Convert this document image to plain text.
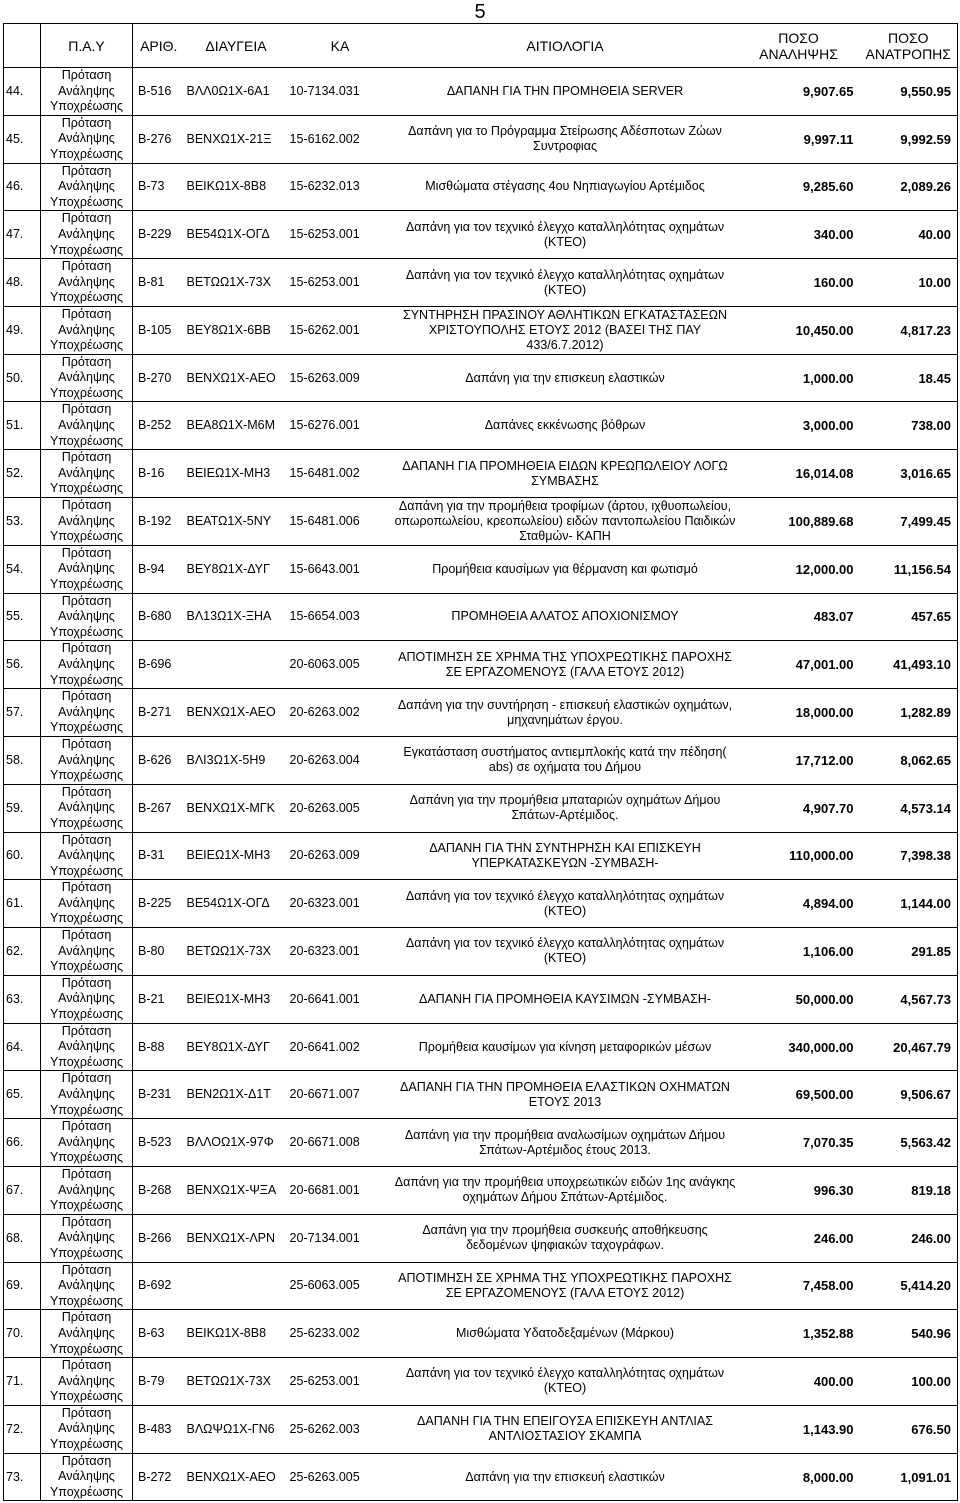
5
	Π.Α.Υ	ΑΡΙΘ.	ΔΙΑΥΓΕΙΑ	ΚΑ	ΑΙΤΙΟΛΟΓΙΑ	ΠΟΣΟ ΑΝΑΛΗΨΗΣ	ΠΟΣΟ ΑΝΑΤΡΟΠΗΣ
44.	Πρόταση
Ανάληψης
Υποχρέωσης	Β-516	ΒΛΛ0Ω1Χ-6Α1	10-7134.031	ΔΑΠΑΝΗ ΓΙΑ ΤΗΝ ΠΡΟΜΗΘΕΙΑ SERVER	9,907.65	9,550.95
45.	Πρόταση
Ανάληψης
Υποχρέωσης	Β-276	ΒΕΝΧΩ1Χ-21Ξ	15-6162.002	Δαπάνη για το Πρόγραμμα Στείρωσης Αδέσποτων Ζώων Συντροφιας	9,997.11	9,992.59
46.	Πρόταση
Ανάληψης
Υποχρέωσης	Β-73	ΒΕΙΚΩ1Χ-8Β8	15-6232.013	Μισθώματα στέγασης 4ου Νηπιαγωγίου Αρτέμιδος	9,285.60	2,089.26
47.	Πρόταση
Ανάληψης
Υποχρέωσης	Β-229	ΒΕ54Ω1Χ-ΟΓΔ	15-6253.001	Δαπάνη για τον τεχνικό έλεγχο καταλληλότητας οχημάτων (ΚΤΕΟ)	340.00	40.00
48.	Πρόταση
Ανάληψης
Υποχρέωσης	Β-81	ΒΕΤΩΩ1Χ-73Χ	15-6253.001	Δαπάνη για τον τεχνικό έλεγχο καταλληλότητας οχημάτων (ΚΤΕΟ)	160.00	10.00
49.	Πρόταση
Ανάληψης
Υποχρέωσης	Β-105	ΒΕΥ8Ω1Χ-6ΒΒ	15-6262.001	ΣΥΝΤΗΡΗΣΗ ΠΡΑΣΙΝΟΥ ΑΘΛΗΤΙΚΩΝ ΕΓΚΑΤΑΣΤΑΣΕΩΝ ΧΡΙΣΤΟΥΠΟΛΗΣ ΕΤΟΥΣ 2012 (ΒΑΣΕΙ ΤΗΣ ΠΑΥ 433/6.7.2012)	10,450.00	4,817.23
50.	Πρόταση
Ανάληψης
Υποχρέωσης	Β-270	ΒΕΝΧΩ1Χ-ΑΕΟ	15-6263.009	Δαπάνη για την επισκευη ελαστικών	1,000.00	18.45
51.	Πρόταση
Ανάληψης
Υποχρέωσης	Β-252	ΒΕΑ8Ω1Χ-Μ6Μ	15-6276.001	Δαπάνες εκκένωσης βόθρων	3,000.00	738.00
52.	Πρόταση
Ανάληψης
Υποχρέωσης	Β-16	ΒΕΙΕΩ1Χ-ΜΗ3	15-6481.002	ΔΑΠΑΝΗ ΓΙΑ ΠΡΟΜΗΘΕΙΑ ΕΙΔΩΝ ΚΡΕΩΠΩΛΕΙΟΥ ΛΟΓΩ ΣΥΜΒΑΣΗΣ	16,014.08	3,016.65
53.	Πρόταση
Ανάληψης
Υποχρέωσης	Β-192	ΒΕΑΤΩ1Χ-5ΝΥ	15-6481.006	Δαπάνη για την προμήθεια τροφίμων (άρτου, ιχθυοπωλείου, οπωροπωλείου, κρεοπωλείου) ειδών παντοπωλείου Παιδικών Σταθμών- ΚΑΠΗ	100,889.68	7,499.45
54.	Πρόταση
Ανάληψης
Υποχρέωσης	Β-94	ΒΕΥ8Ω1Χ-ΔΥΓ	15-6643.001	Προμήθεια καυσίμων για θέρμανση και φωτισμό	12,000.00	11,156.54
55.	Πρόταση
Ανάληψης
Υποχρέωσης	Β-680	ΒΛ13Ω1Χ-ΞΗΑ	15-6654.003	ΠΡΟΜΗΘΕΙΑ ΑΛΑΤΟΣ ΑΠΟΧΙΟΝΙΣΜΟΥ	483.07	457.65
56.	Πρόταση
Ανάληψης
Υποχρέωσης	Β-696		20-6063.005	ΑΠΟΤΙΜΗΣΗ ΣΕ ΧΡΗΜΑ ΤΗΣ ΥΠΟΧΡΕΩΤΙΚΗΣ ΠΑΡΟΧΗΣ ΣΕ ΕΡΓΑΖΟΜΕΝΟΥΣ (ΓΑΛΑ ΕΤΟΥΣ 2012)	47,001.00	41,493.10
57.	Πρόταση
Ανάληψης
Υποχρέωσης	Β-271	ΒΕΝΧΩ1Χ-ΑΕΟ	20-6263.002	Δαπάνη για την συντήρηση - επισκευή ελαστικών οχημάτων, μηχανημάτων έργου.	18,000.00	1,282.89
58.	Πρόταση
Ανάληψης
Υποχρέωσης	Β-626	ΒΛΙ3Ω1Χ-5Η9	20-6263.004	Εγκατάσταση συστήματος αντιεμπλοκής κατά την πέδηση( abs) σε οχήματα του Δήμου	17,712.00	8,062.65
59.	Πρόταση
Ανάληψης
Υποχρέωσης	Β-267	ΒΕΝΧΩ1Χ-ΜΓΚ	20-6263.005	Δαπάνη για την προμήθεια μπαταριών οχημάτων Δήμου Σπάτων-Αρτέμιδος.	4,907.70	4,573.14
60.	Πρόταση
Ανάληψης
Υποχρέωσης	Β-31	ΒΕΙΕΩ1Χ-ΜΗ3	20-6263.009	ΔΑΠΑΝΗ ΓΙΑ ΤΗΝ ΣΥΝΤΗΡΗΣΗ ΚΑΙ ΕΠΙΣΚΕΥΗ ΥΠΕΡΚΑΤΑΣΚΕΥΩΝ -ΣΥΜΒΑΣΗ-	110,000.00	7,398.38
61.	Πρόταση
Ανάληψης
Υποχρέωσης	Β-225	ΒΕ54Ω1Χ-ΟΓΔ	20-6323.001	Δαπάνη για τον τεχνικό έλεγχο καταλληλότητας οχημάτων (ΚΤΕΟ)	4,894.00	1,144.00
62.	Πρόταση
Ανάληψης
Υποχρέωσης	Β-80	ΒΕΤΩΩ1Χ-73Χ	20-6323.001	Δαπάνη για τον τεχνικό έλεγχο καταλληλότητας οχημάτων (ΚΤΕΟ)	1,106.00	291.85
63.	Πρόταση
Ανάληψης
Υποχρέωσης	Β-21	ΒΕΙΕΩ1Χ-ΜΗ3	20-6641.001	ΔΑΠΑΝΗ ΓΙΑ ΠΡΟΜΗΘΕΙΑ ΚΑΥΣΙΜΩΝ -ΣΥΜΒΑΣΗ-	50,000.00	4,567.73
64.	Πρόταση
Ανάληψης
Υποχρέωσης	Β-88	ΒΕΥ8Ω1Χ-ΔΥΓ	20-6641.002	Προμήθεια καυσίμων για κίνηση μεταφορικών μέσων	340,000.00	20,467.79
65.	Πρόταση
Ανάληψης
Υποχρέωσης	Β-231	ΒΕΝ2Ω1Χ-Δ1Τ	20-6671.007	ΔΑΠΑΝΗ ΓΙΑ ΤΗΝ ΠΡΟΜΗΘΕΙΑ ΕΛΑΣΤΙΚΩΝ ΟΧΗΜΑΤΩΝ ΕΤΟΥΣ 2013	69,500.00	9,506.67
66.	Πρόταση
Ανάληψης
Υποχρέωσης	Β-523	ΒΛΛΟΩ1Χ-97Φ	20-6671.008	Δαπάνη για την προμήθεια αναλωσίμων οχημάτων Δήμου Σπάτων-Αρτέμιδος έτους 2013.	7,070.35	5,563.42
67.	Πρόταση
Ανάληψης
Υποχρέωσης	Β-268	ΒΕΝΧΩ1Χ-ΨΞΑ	20-6681.001	Δαπάνη για την προμήθεια υποχρεωτικών ειδών 1ης ανάγκης οχημάτων Δήμου Σπάτων-Αρτέμιδος.	996.30	819.18
68.	Πρόταση
Ανάληψης
Υποχρέωσης	Β-266	ΒΕΝΧΩ1Χ-ΛΡΝ	20-7134.001	Δαπάνη για την προμήθεια συσκευής αποθήκευσης δεδομένων ψηφιακών ταχογράφων.	246.00	246.00
69.	Πρόταση
Ανάληψης
Υποχρέωσης	Β-692		25-6063.005	ΑΠΟΤΙΜΗΣΗ ΣΕ ΧΡΗΜΑ ΤΗΣ ΥΠΟΧΡΕΩΤΙΚΗΣ ΠΑΡΟΧΗΣ ΣΕ ΕΡΓΑΖΟΜΕΝΟΥΣ (ΓΑΛΑ ΕΤΟΥΣ 2012)	7,458.00	5,414.20
70.	Πρόταση
Ανάληψης
Υποχρέωσης	Β-63	ΒΕΙΚΩ1Χ-8Β8	25-6233.002	Μισθώματα Υδατοδεξαμένων (Μάρκου)	1,352.88	540.96
71.	Πρόταση
Ανάληψης
Υποχρέωσης	Β-79	ΒΕΤΩΩ1Χ-73Χ	25-6253.001	Δαπάνη για τον τεχνικό έλεγχο καταλληλότητας οχημάτων (ΚΤΕΟ)	400.00	100.00
72.	Πρόταση
Ανάληψης
Υποχρέωσης	Β-483	ΒΛΩΨΩ1Χ-ΓΝ6	25-6262.003	ΔΑΠΑΝΗ ΓΙΑ ΤΗΝ ΕΠΕΙΓΟΥΣΑ ΕΠΙΣΚΕΥΗ ΑΝΤΛΙΑΣ ΑΝΤΛΙΟΣΤΑΣΙΟΥ ΣΚΑΜΠΑ	1,143.90	676.50
73.	Πρόταση
Ανάληψης
Υποχρέωσης	Β-272	ΒΕΝΧΩ1Χ-ΑΕΟ	25-6263.005	Δαπάνη για την επισκευή ελαστικών	8,000.00	1,091.01
